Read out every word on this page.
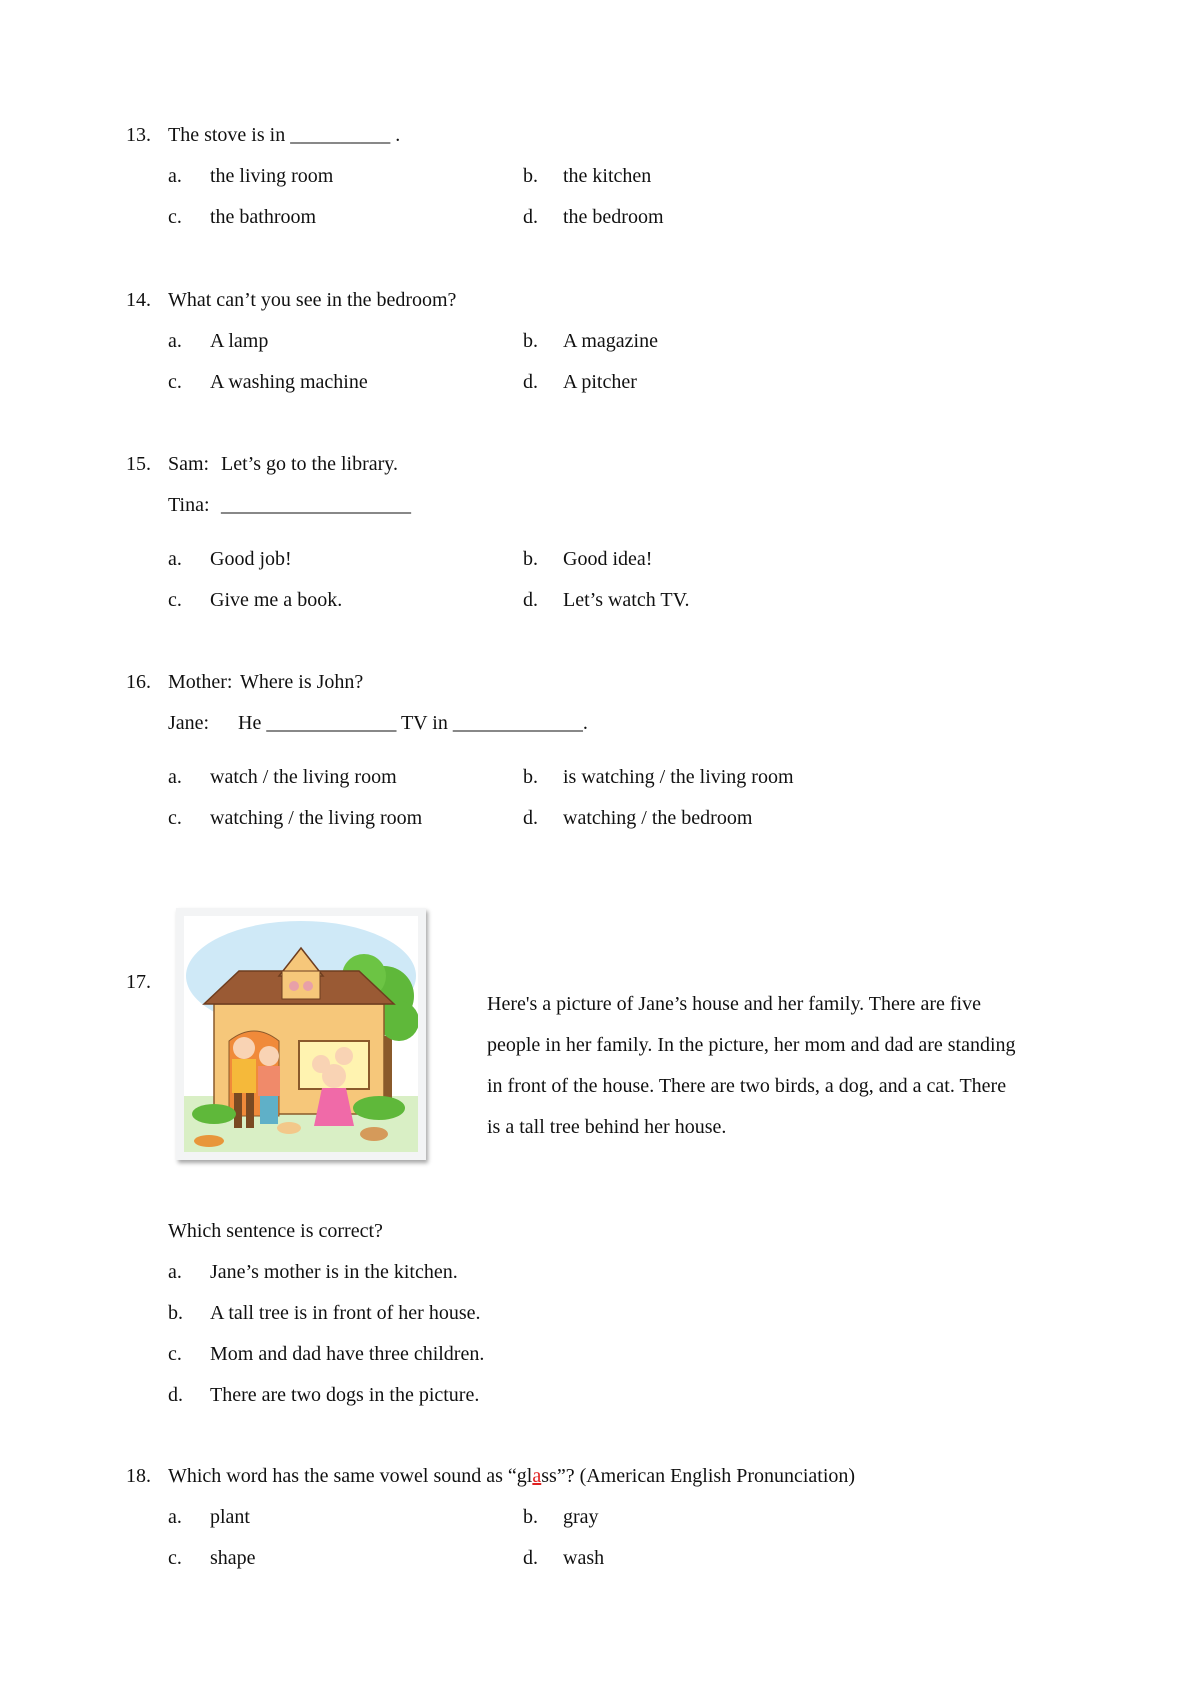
13. The stove is in __________ .
a. the living room	b. the kitchen
c. the bathroom	d. the bedroom
14. What can’t you see in the bedroom?
a. A lamp	b. A magazine
c. A washing machine	d. A pitcher
15. Sam: Let’s go to the library.
Tina: ___________________
a. Good job!	b. Good idea!
c. Give me a book.	d. Let’s watch TV.
16. Mother: Where is John?
Jane: He _____________ TV in _____________.
a. watch / the living room	b. is watching / the living room
c. watching / the living room	d. watching / the bedroom
17.

Here's a picture of Jane’s house and her family. There are five people in her family. In the picture, her mom and dad are standing in front of the house. There are two birds, a dog, and a cat. There is a tall tree behind her house.

Which sentence is correct?
a. Jane’s mother is in the kitchen.
b. A tall tree is in front of her house.
c. Mom and dad have three children.
d. There are two dogs in the picture.
18. Which word has the same vowel sound as “glass”? (American English Pronunciation)
a. plant	b. gray
c. shape	d. wash
